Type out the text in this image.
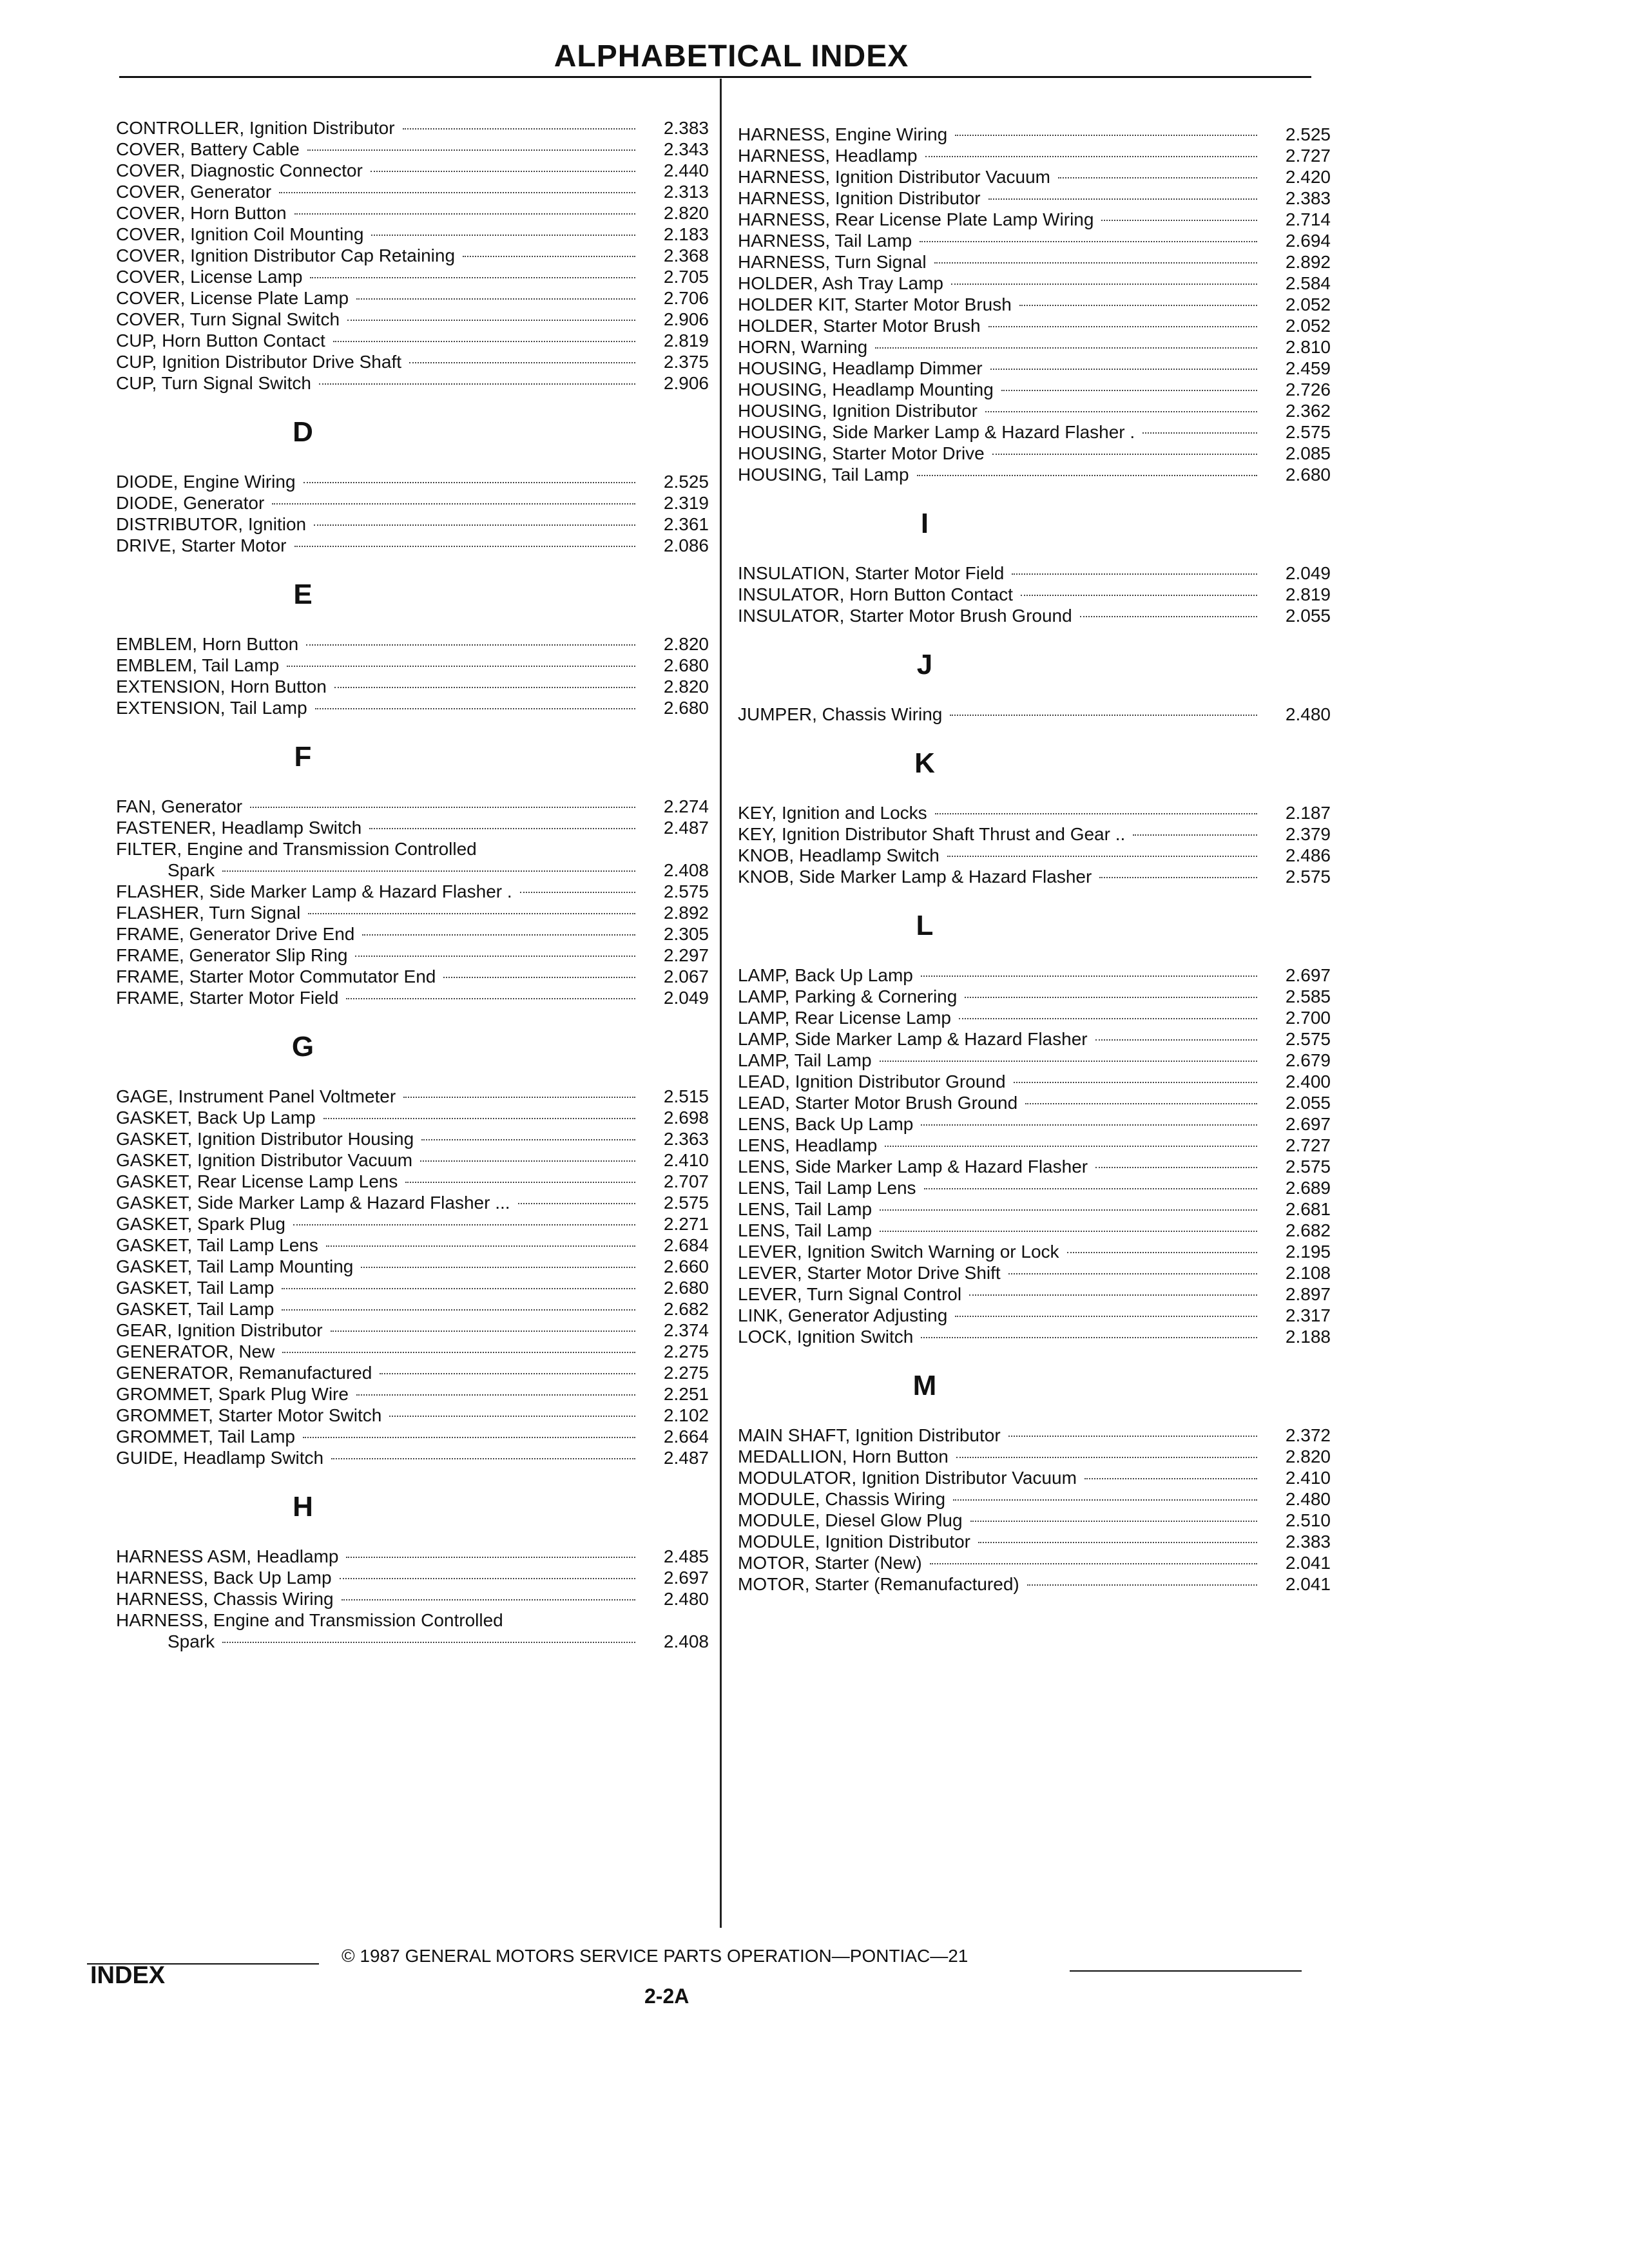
ALPHABETICAL INDEX
CONTROLLER, Ignition Distributor	2.383
COVER, Battery Cable	2.343
COVER, Diagnostic Connector	2.440
COVER, Generator	2.313
COVER, Horn Button	2.820
COVER, Ignition Coil Mounting	2.183
COVER, Ignition Distributor Cap Retaining	2.368
COVER, License Lamp	2.705
COVER, License Plate Lamp	2.706
COVER, Turn Signal Switch	2.906
CUP, Horn Button Contact	2.819
CUP, Ignition Distributor Drive Shaft	2.375
CUP, Turn Signal Switch	2.906
D
DIODE, Engine Wiring	2.525
DIODE, Generator	2.319
DISTRIBUTOR, Ignition	2.361
DRIVE, Starter Motor	2.086
E
EMBLEM, Horn Button	2.820
EMBLEM, Tail Lamp	2.680
EXTENSION, Horn Button	2.820
EXTENSION, Tail Lamp	2.680
F
FAN, Generator	2.274
FASTENER, Headlamp Switch	2.487
FILTER, Engine and Transmission Controlled
Spark	2.408
FLASHER, Side Marker Lamp & Hazard Flasher .	2.575
FLASHER, Turn Signal	2.892
FRAME, Generator Drive End	2.305
FRAME, Generator Slip Ring	2.297
FRAME, Starter Motor Commutator End	2.067
FRAME, Starter Motor Field	2.049
G
GAGE, Instrument Panel Voltmeter	2.515
GASKET, Back Up Lamp	2.698
GASKET, Ignition Distributor Housing	2.363
GASKET, Ignition Distributor Vacuum	2.410
GASKET, Rear License Lamp Lens	2.707
GASKET, Side Marker Lamp & Hazard Flasher ...	2.575
GASKET, Spark Plug	2.271
GASKET, Tail Lamp Lens	2.684
GASKET, Tail Lamp Mounting	2.660
GASKET, Tail Lamp	2.680
GASKET, Tail Lamp	2.682
GEAR, Ignition Distributor	2.374
GENERATOR, New	2.275
GENERATOR, Remanufactured	2.275
GROMMET, Spark Plug Wire	2.251
GROMMET, Starter Motor Switch	2.102
GROMMET, Tail Lamp	2.664
GUIDE, Headlamp Switch	2.487
H
HARNESS ASM, Headlamp	2.485
HARNESS, Back Up Lamp	2.697
HARNESS, Chassis Wiring	2.480
HARNESS, Engine and Transmission Controlled
Spark	2.408
HARNESS, Engine Wiring	2.525
HARNESS, Headlamp	2.727
HARNESS, Ignition Distributor Vacuum	2.420
HARNESS, Ignition Distributor	2.383
HARNESS, Rear License Plate Lamp Wiring	2.714
HARNESS, Tail Lamp	2.694
HARNESS, Turn Signal	2.892
HOLDER, Ash Tray Lamp	2.584
HOLDER KIT, Starter Motor Brush	2.052
HOLDER, Starter Motor Brush	2.052
HORN, Warning	2.810
HOUSING, Headlamp Dimmer	2.459
HOUSING, Headlamp Mounting	2.726
HOUSING, Ignition Distributor	2.362
HOUSING, Side Marker Lamp & Hazard Flasher .	2.575
HOUSING, Starter Motor Drive	2.085
HOUSING, Tail Lamp	2.680
I
INSULATION, Starter Motor Field	2.049
INSULATOR, Horn Button Contact	2.819
INSULATOR, Starter Motor Brush Ground	2.055
J
JUMPER, Chassis Wiring	2.480
K
KEY, Ignition and Locks	2.187
KEY, Ignition Distributor Shaft Thrust and Gear ..	2.379
KNOB, Headlamp Switch	2.486
KNOB, Side Marker Lamp & Hazard Flasher	2.575
L
LAMP, Back Up Lamp	2.697
LAMP, Parking & Cornering	2.585
LAMP, Rear License Lamp	2.700
LAMP, Side Marker Lamp & Hazard Flasher	2.575
LAMP, Tail Lamp	2.679
LEAD, Ignition Distributor Ground	2.400
LEAD, Starter Motor Brush Ground	2.055
LENS, Back Up Lamp	2.697
LENS, Headlamp	2.727
LENS, Side Marker Lamp & Hazard Flasher	2.575
LENS, Tail Lamp Lens	2.689
LENS, Tail Lamp	2.681
LENS, Tail Lamp	2.682
LEVER, Ignition Switch Warning or Lock	2.195
LEVER, Starter Motor Drive Shift	2.108
LEVER, Turn Signal Control	2.897
LINK, Generator Adjusting	2.317
LOCK, Ignition Switch	2.188
M
MAIN SHAFT, Ignition Distributor	2.372
MEDALLION, Horn Button	2.820
MODULATOR, Ignition Distributor Vacuum	2.410
MODULE, Chassis Wiring	2.480
MODULE, Diesel Glow Plug	2.510
MODULE, Ignition Distributor	2.383
MOTOR, Starter (New)	2.041
MOTOR, Starter (Remanufactured)	2.041
© 1987 GENERAL MOTORS SERVICE PARTS OPERATION—PONTIAC—21
INDEX
2-2A
